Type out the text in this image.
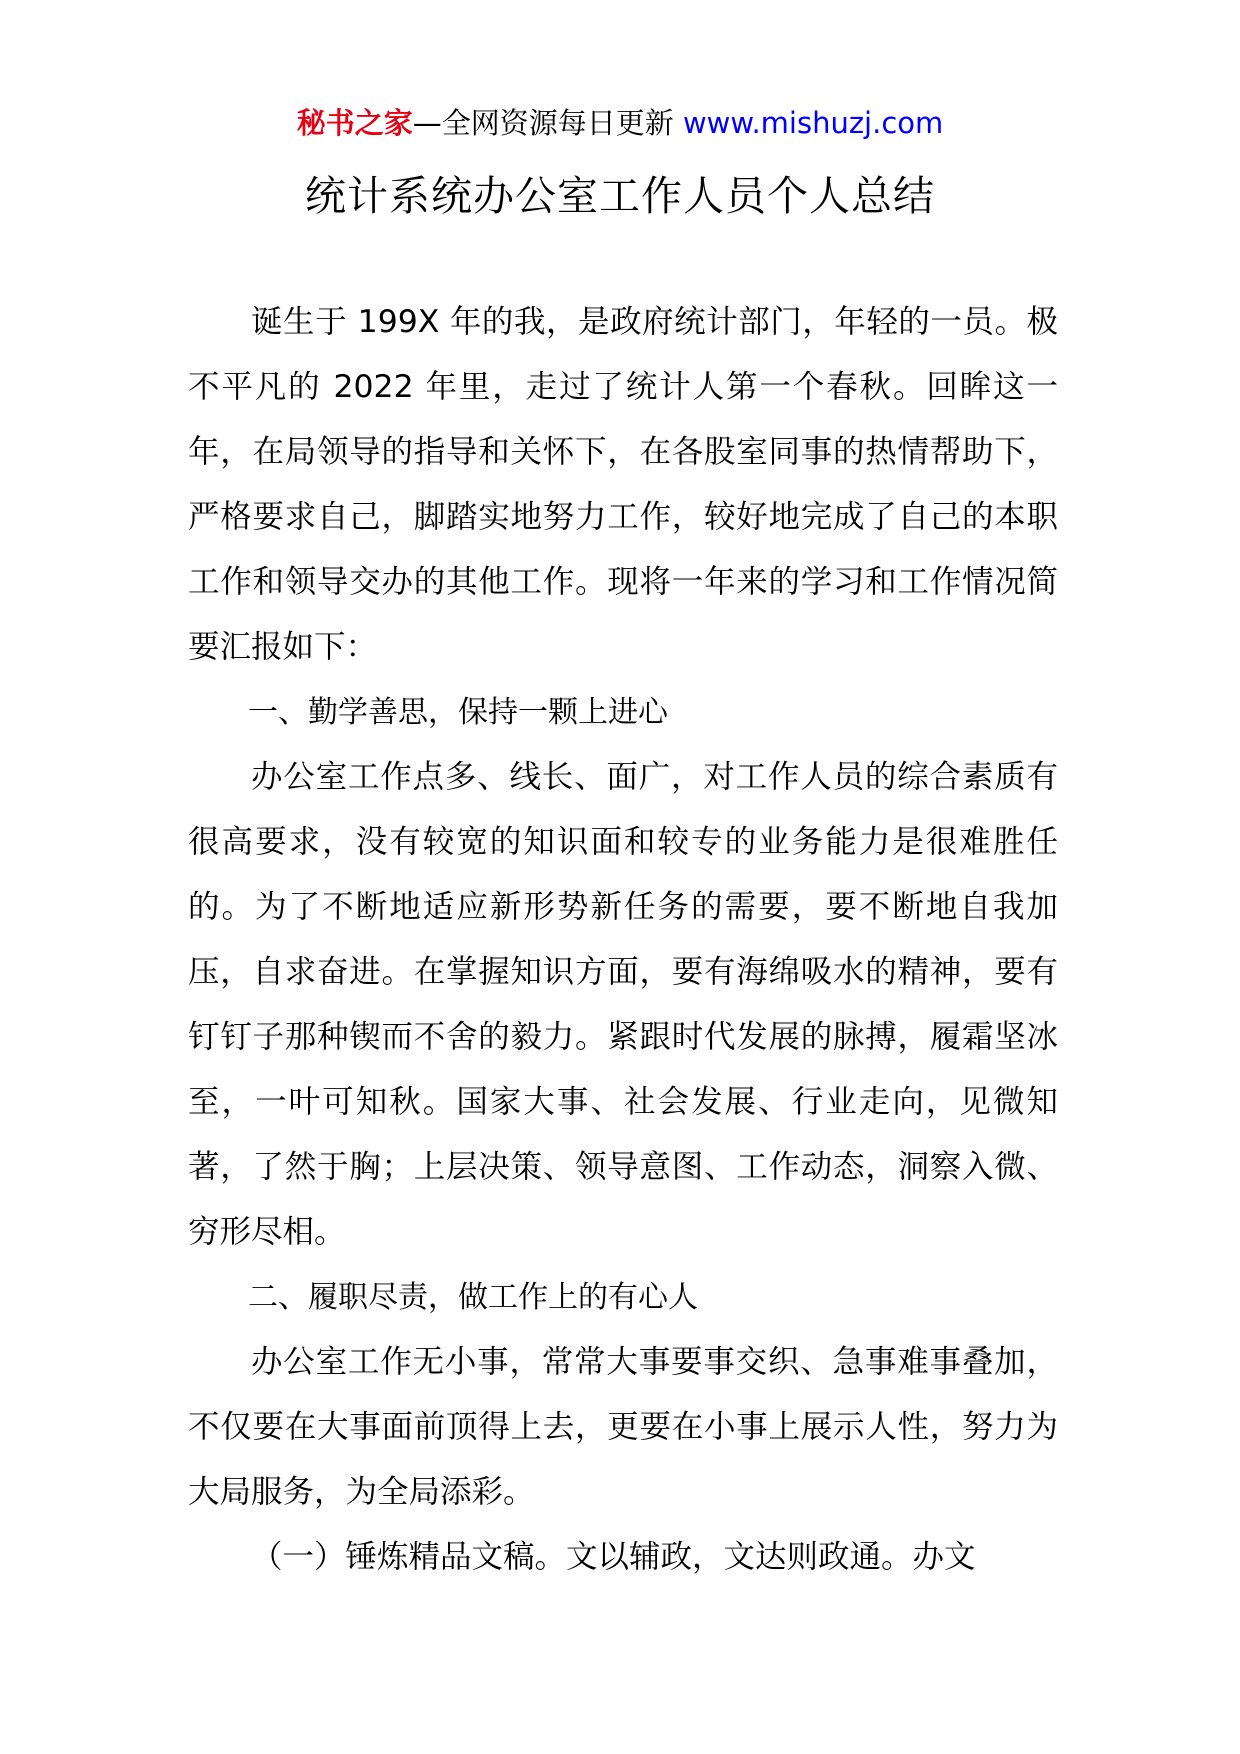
秘书之家—全网资源每日更新 www.mishuzj.com
统计系统办公室工作人员个人总结

诞生于 199X 年的我，是政府统计部门，年轻的一员。极不平凡的 2022 年里，走过了统计人第一个春秋。回眸这一年，在局领导的指导和关怀下，在各股室同事的热情帮助下，严格要求自己，脚踏实地努力工作，较好地完成了自己的本职工作和领导交办的其他工作。现将一年来的学习和工作情况简要汇报如下：

一、勤学善思，保持一颗上进心

办公室工作点多、线长、面广，对工作人员的综合素质有很高要求，没有较宽的知识面和较专的业务能力是很难胜任的。为了不断地适应新形势新任务的需要，要不断地自我加压，自求奋进。在掌握知识方面，要有海绵吸水的精神，要有钉钉子那种锲而不舍的毅力。紧跟时代发展的脉搏，履霜坚冰至，一叶可知秋。国家大事、社会发展、行业走向，见微知著，了然于胸；上层决策、领导意图、工作动态，洞察入微、穷形尽相。

二、履职尽责，做工作上的有心人

办公室工作无小事，常常大事要事交织、急事难事叠加，不仅要在大事面前顶得上去，更要在小事上展示人性，努力为大局服务，为全局添彩。

（一）锤炼精品文稿。文以辅政，文达则政通。办文
